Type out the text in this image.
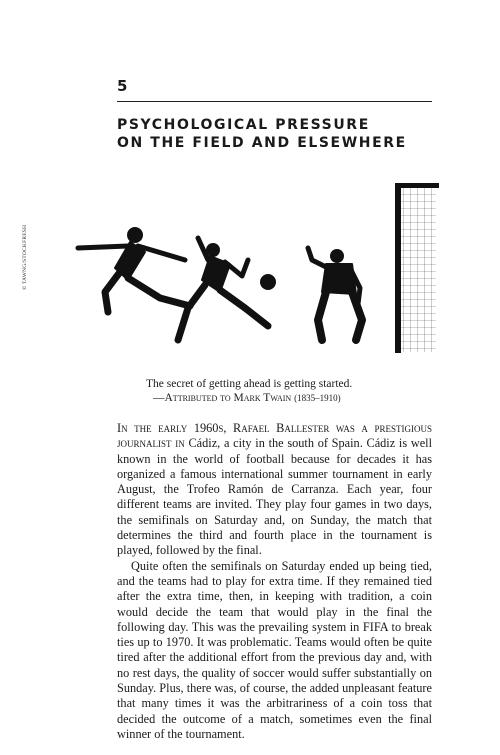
5
PSYCHOLOGICAL PRESSURE
ON THE FIELD AND ELSEWHERE
© TAWNG/STOCKFRESH
The secret of getting ahead is getting started.
—Attributed to Mark Twain (1835–1910)

In the early 1960s, Rafael Ballester was a prestigious journalist in Cádiz, a city in the south of Spain. Cádiz is well known in the world of football because for decades it has organized a famous international summer tournament in early August, the Trofeo Ramón de Carranza. Each year, four different teams are invited. They play four games in two days, the semifinals on Saturday and, on Sunday, the match that determines the third and fourth place in the tournament is played, followed by the final.

Quite often the semifinals on Saturday ended up being tied, and the teams had to play for extra time. If they remained tied after the extra time, then, in keeping with tradition, a coin would decide the team that would play in the final the following day. This was the prevailing system in FIFA to break ties up to 1970. It was problematic. Teams would often be quite tired after the additional effort from the previous day and, with no rest days, the quality of soccer would suffer substantially on Sunday. Plus, there was, of course, the added unpleasant feature that many times it was the arbitrariness of a coin toss that decided the outcome of a match, sometimes even the final winner of the tournament.
